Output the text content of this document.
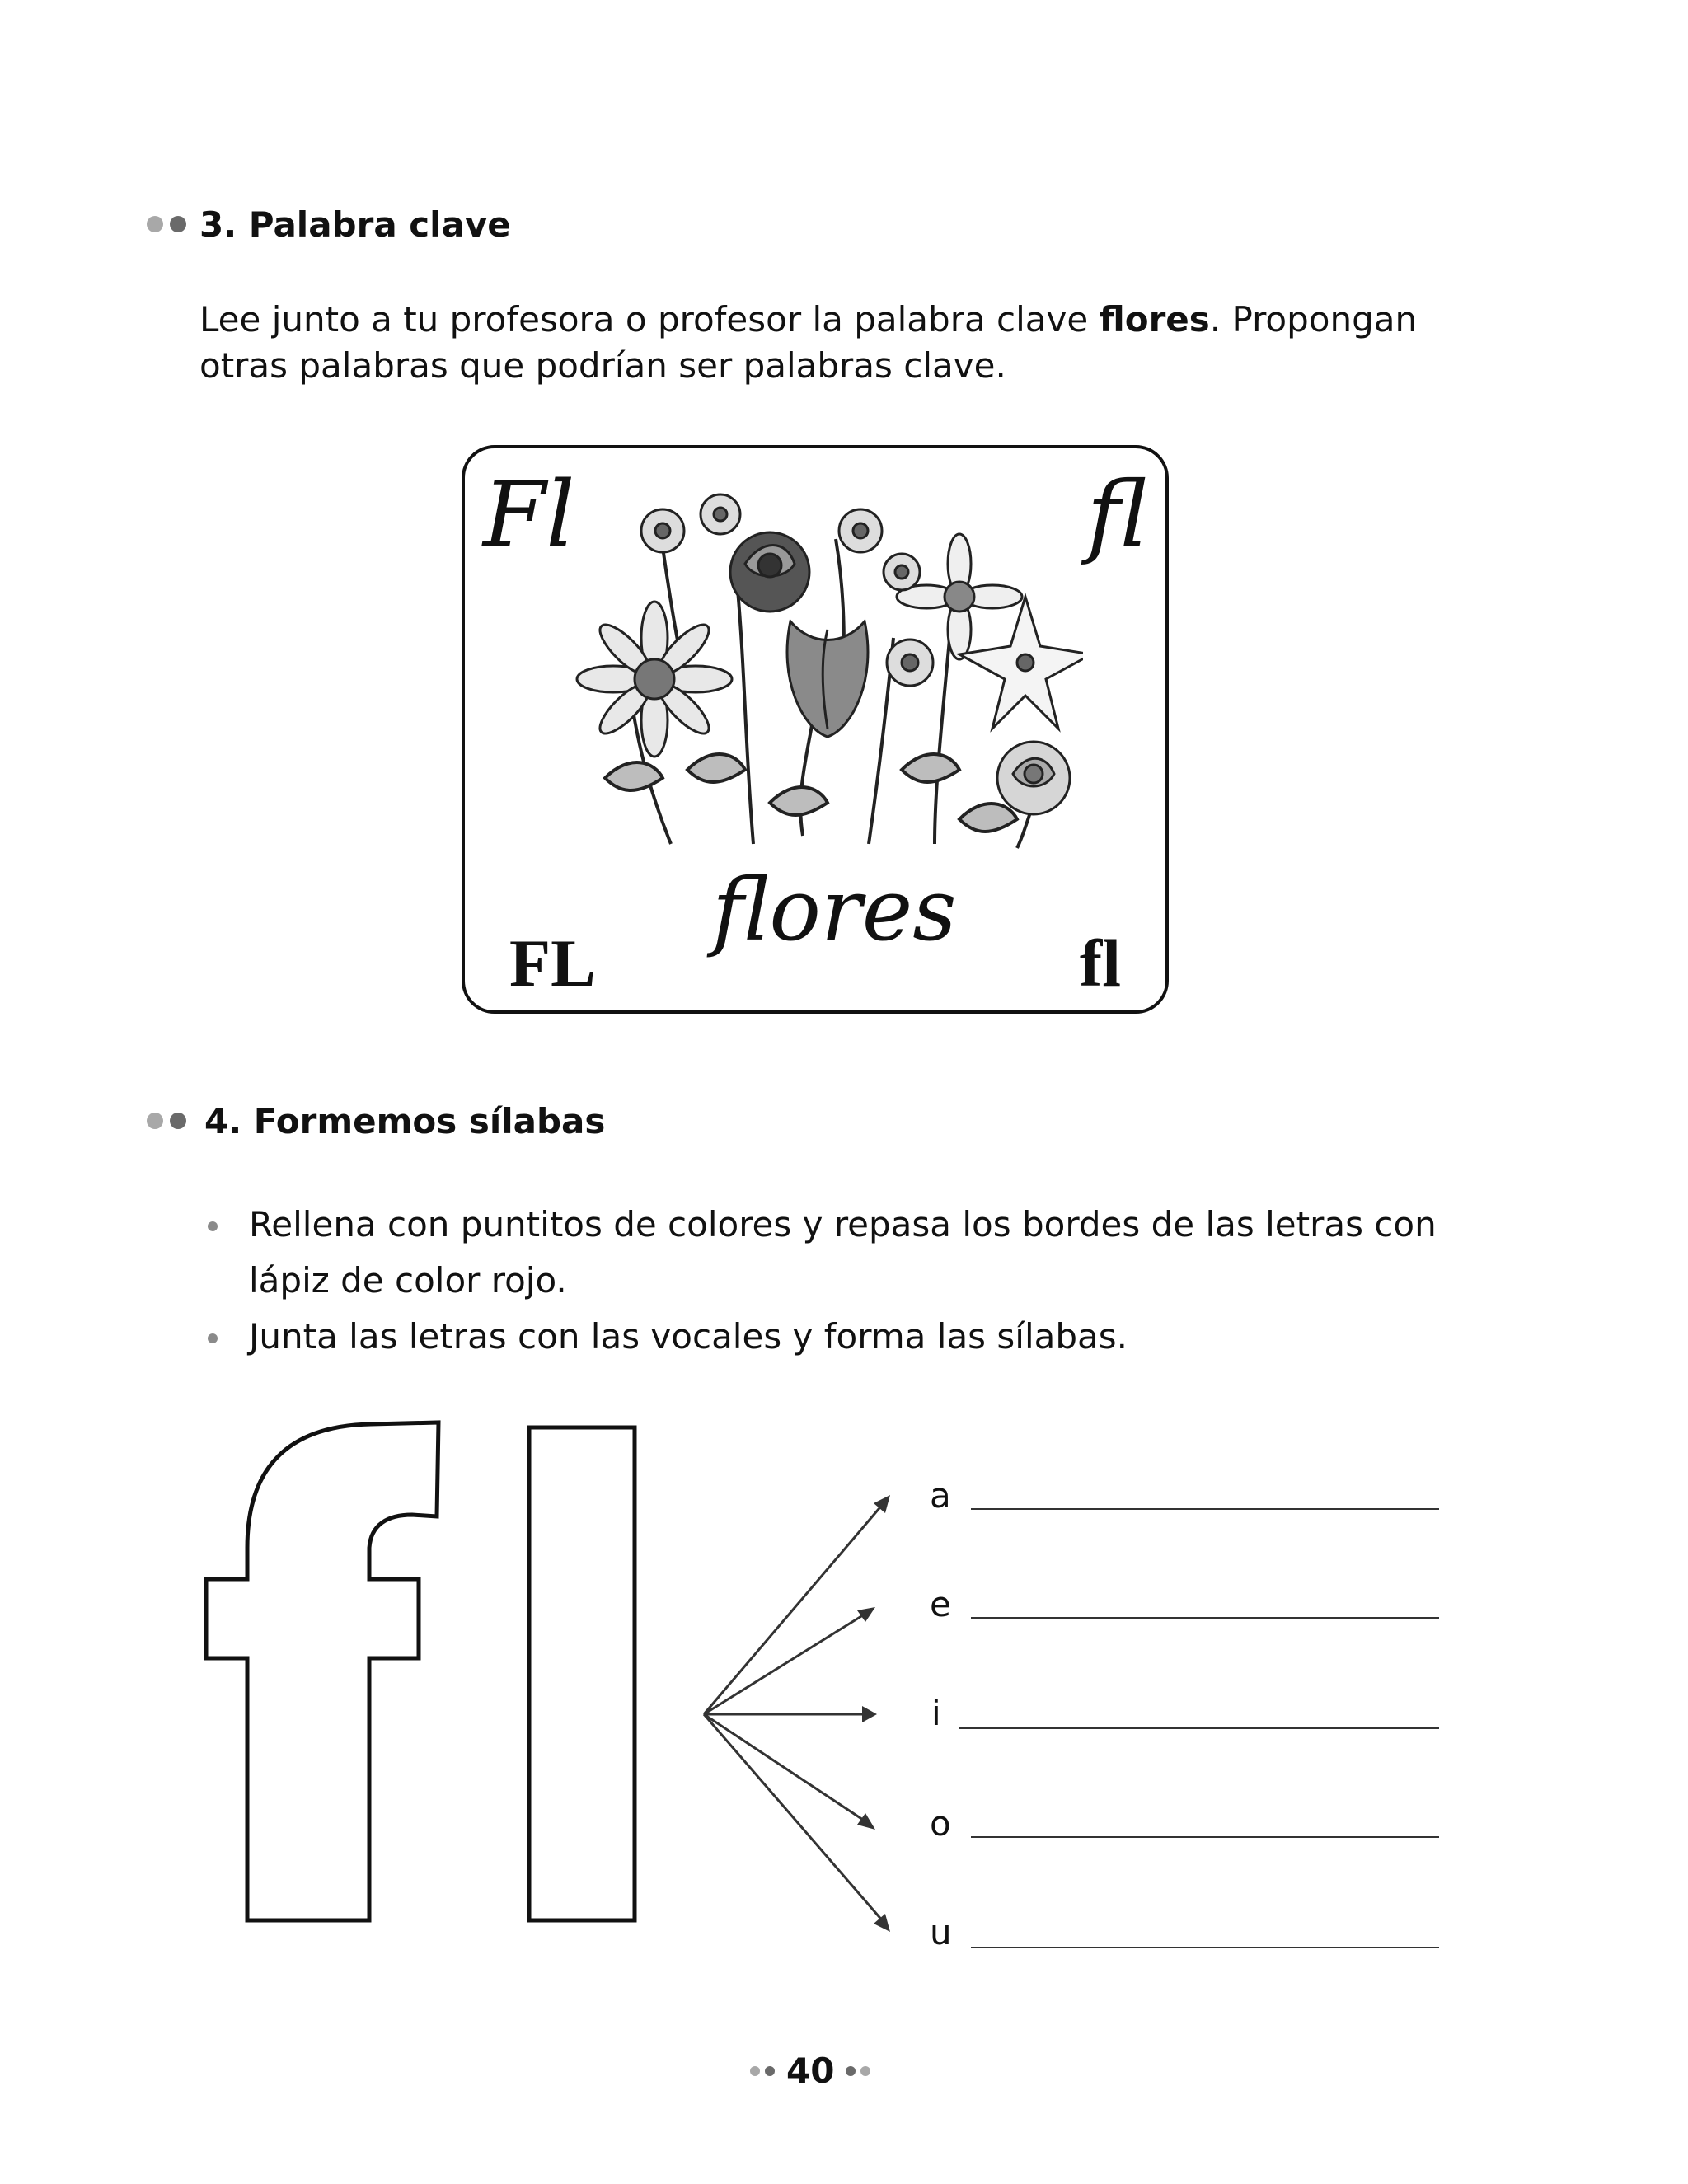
3. Palabra clave
Lee junto a tu profesora o profesor la palabra clave flores. Propongan otras palabras que podrían ser palabras clave.
Fl	fl
flores
FL	fl
4. Formemos sílabas
Rellena con puntitos de colores y repasa los bordes de las letras con lápiz de color rojo.
Junta las letras con las vocales y forma las sílabas.
a
e
i
o
u
40
